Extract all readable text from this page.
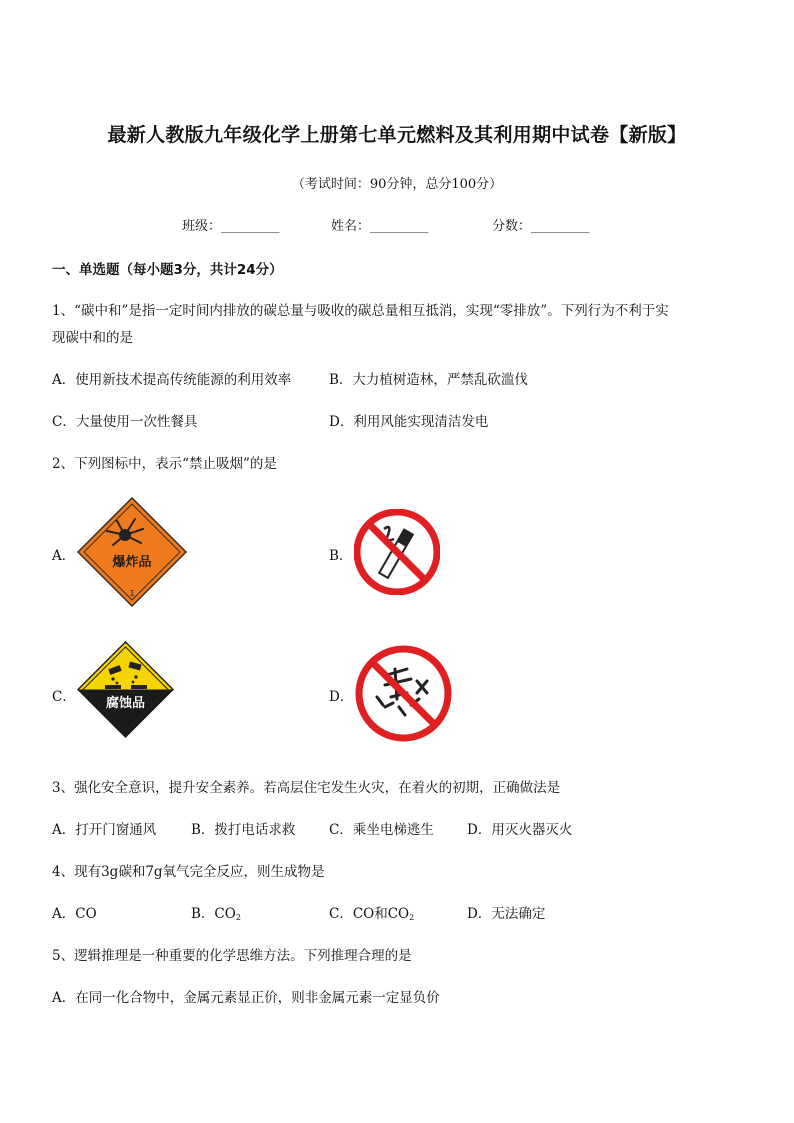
最新人教版九年级化学上册第七单元燃料及其利用期中试卷【新版】
（考试时间：90分钟，总分100分）
班级：_________	姓名：_________	分数：_________
一、单选题（每小题3分，共计24分）
1、“碳中和”是指一定时间内排放的碳总量与吸收的碳总量相互抵消，实现“零排放”。下列行为不利于实
现碳中和的是
A．使用新技术提高传统能源的利用效率	B．大力植树造林，严禁乱砍滥伐
C．大量使用一次性餐具	D．利用风能实现清洁发电
2、下列图标中，表示“禁止吸烟”的是
A．	爆炸品
1
B．
C． 腐蚀品	D．
3、强化安全意识，提升安全素养。若高层住宅发生火灾，在着火的初期，正确做法是
A．打开门窗通风	B．拨打电话求救 C．乘坐电梯逃生 D．用灭火器灭火
4、现有3g碳和7g氧气完全反应，则生成物是
A．CO	B．$CO_2$	C．CO和$CO_2$	D．无法确定
5、逻辑推理是一种重要的化学思维方法。下列推理合理的是
A．在同一化合物中，金属元素显正价，则非金属元素一定显负价
